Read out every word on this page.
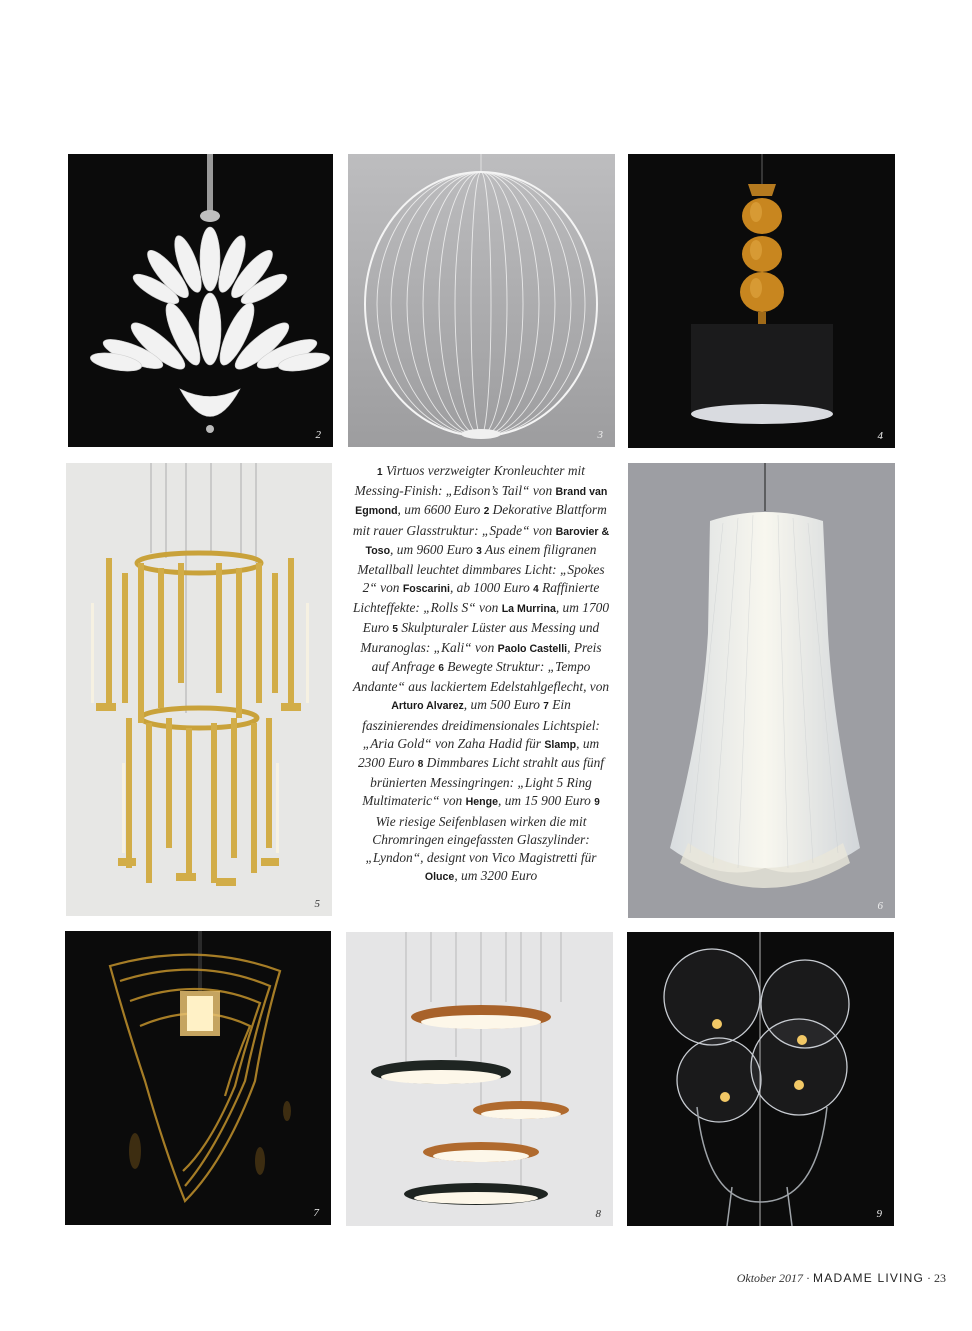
2	3	4
5
1 Virtuos verzweigter Kronleuchter mit Messing-Finish: „Edison’s Tail“ von Brand van Egmond, um 6600 Euro 2 Dekorative Blattform mit rauer Glasstruktur: „Spade“ von Barovier & Toso, um 9600 Euro 3 Aus einem filigranen Metallball leuchtet dimmbares Licht: „Spokes 2“ von Foscarini, ab 1000 Euro 4 Raffinierte Lichteffekte: „Rolls S“ von La Murrina, um 1700 Euro 5 Skulpturaler Lüster aus Messing und Muranoglas: „Kali“ von Paolo Castelli, Preis auf Anfrage 6 Bewegte Struktur: „Tempo Andante“ aus lackiertem Edelstahlgeflecht, von Arturo Alvarez, um 500 Euro 7 Ein faszinierendes dreidimensionales Lichtspiel: „Aria Gold“ von Zaha Hadid für Slamp, um 2300 Euro 8 Dimmbares Licht strahlt aus fünf brünierten Messingringen: „Light 5 Ring Multimateric“ von Henge, um 15 900 Euro 9 Wie riesige Seifenblasen wirken die mit Chromringen eingefassten Glaszylinder: „Lyndon“, designt von Vico Magistretti für Oluce, um 3200 Euro
6
7	8	9
Oktober 2017 · MADAME LIVING · 23
